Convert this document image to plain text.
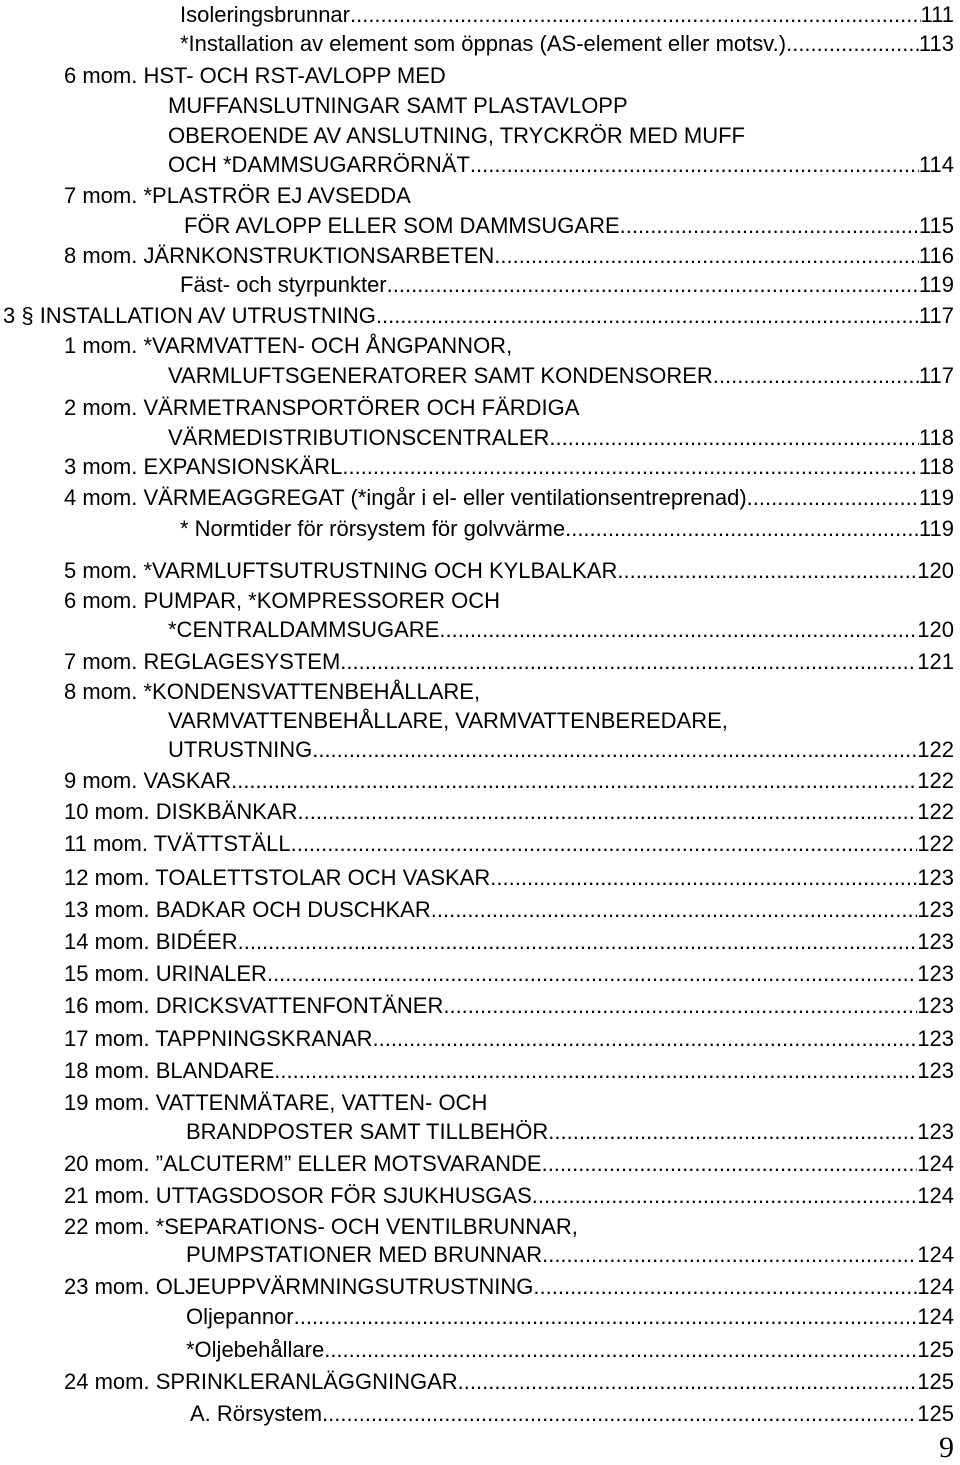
Isoleringsbrunnar .....	111
*Installation av element som öppnas (AS-element eller motsv.) .....	113
6 mom. HST- OCH RST-AVLOPP MED
MUFFANSLUTNINGAR SAMT PLASTAVLOPP
OBEROENDE AV ANSLUTNING, TRYCKRÖR MED MUFF
OCH *DAMMSUGARRÖRNÄT .....	114
7 mom. *PLASTRÖR EJ AVSEDDA
FÖR AVLOPP ELLER SOM DAMMSUGARE .....	115
8 mom. JÄRNKONSTRUKTIONSARBETEN .....	116
Fäst- och styrpunkter .....	119
3 § INSTALLATION AV UTRUSTNING .....	117
1 mom. *VARMVATTEN- OCH ÅNGPANNOR,
VARMLUFTSGENERATORER SAMT KONDENSORER .....	117
2 mom. VÄRMETRANSPORTÖRER OCH FÄRDIGA
VÄRMEDISTRIBUTIONSCENTRALER .....	118
3 mom. EXPANSIONSKÄRL .....	118
4 mom. VÄRMEAGGREGAT (*ingår i el- eller ventilationsentreprenad) .....	119
* Normtider för rörsystem för golvvärme .....	119
5 mom. *VARMLUFTSUTRUSTNING OCH KYLBALKAR .....	120
6 mom. PUMPAR, *KOMPRESSORER OCH
*CENTRALDAMMSUGARE .....	120
7 mom. REGLAGESYSTEM .....	121
8 mom. *KONDENSVATTENBEHÅLLARE,
VARMVATTENBEHÅLLARE, VARMVATTENBEREDARE,
UTRUSTNING .....	122
9 mom. VASKAR .....	122
10 mom. DISKBÄNKAR .....	122
11 mom. TVÄTTSTÄLL .....	122
12 mom. TOALETTSTOLAR OCH VASKAR .....	123
13 mom. BADKAR OCH DUSCHKAR .....	123
14 mom. BIDÉER .....	123
15 mom. URINALER .....	123
16 mom. DRICKSVATTENFONTÄNER .....	123
17 mom. TAPPNINGSKRANAR .....	123
18 mom. BLANDARE .....	123
19 mom. VATTENMÄTARE, VATTEN- OCH
BRANDPOSTER SAMT TILLBEHÖR .....	123
20 mom. ”ALCUTERM” ELLER MOTSVARANDE .....	124
21 mom. UTTAGSDOSOR FÖR SJUKHUSGAS .....	124
22 mom. *SEPARATIONS- OCH VENTILBRUNNAR,
PUMPSTATIONER MED BRUNNAR .....	124
23 mom. OLJEUPPVÄRMNINGSUTRUSTNING .....	124
Oljepannor .....	124
*Oljebehållare .....	125
24 mom. SPRINKLERANLÄGGNINGAR .....	125
A. Rörsystem .....	125
9
